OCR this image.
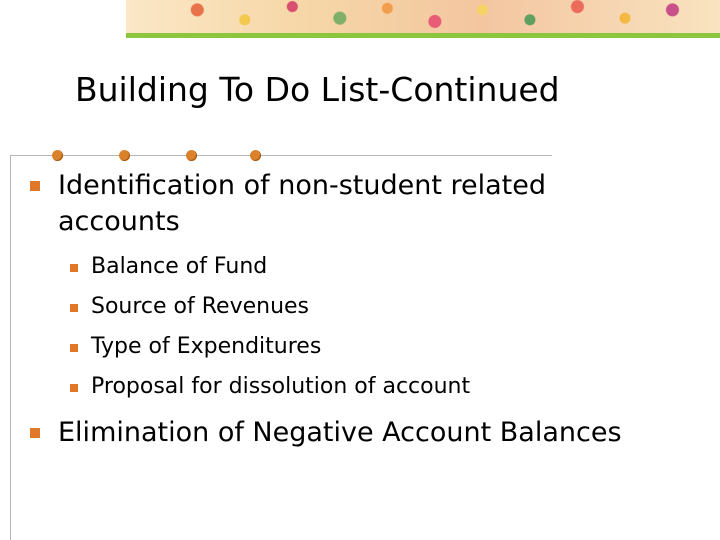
Building To Do List-Continued
Identification of non-student related
accounts
Balance of Fund
Source of Revenues
Type of Expenditures
Proposal for dissolution of account
Elimination of Negative Account Balances
